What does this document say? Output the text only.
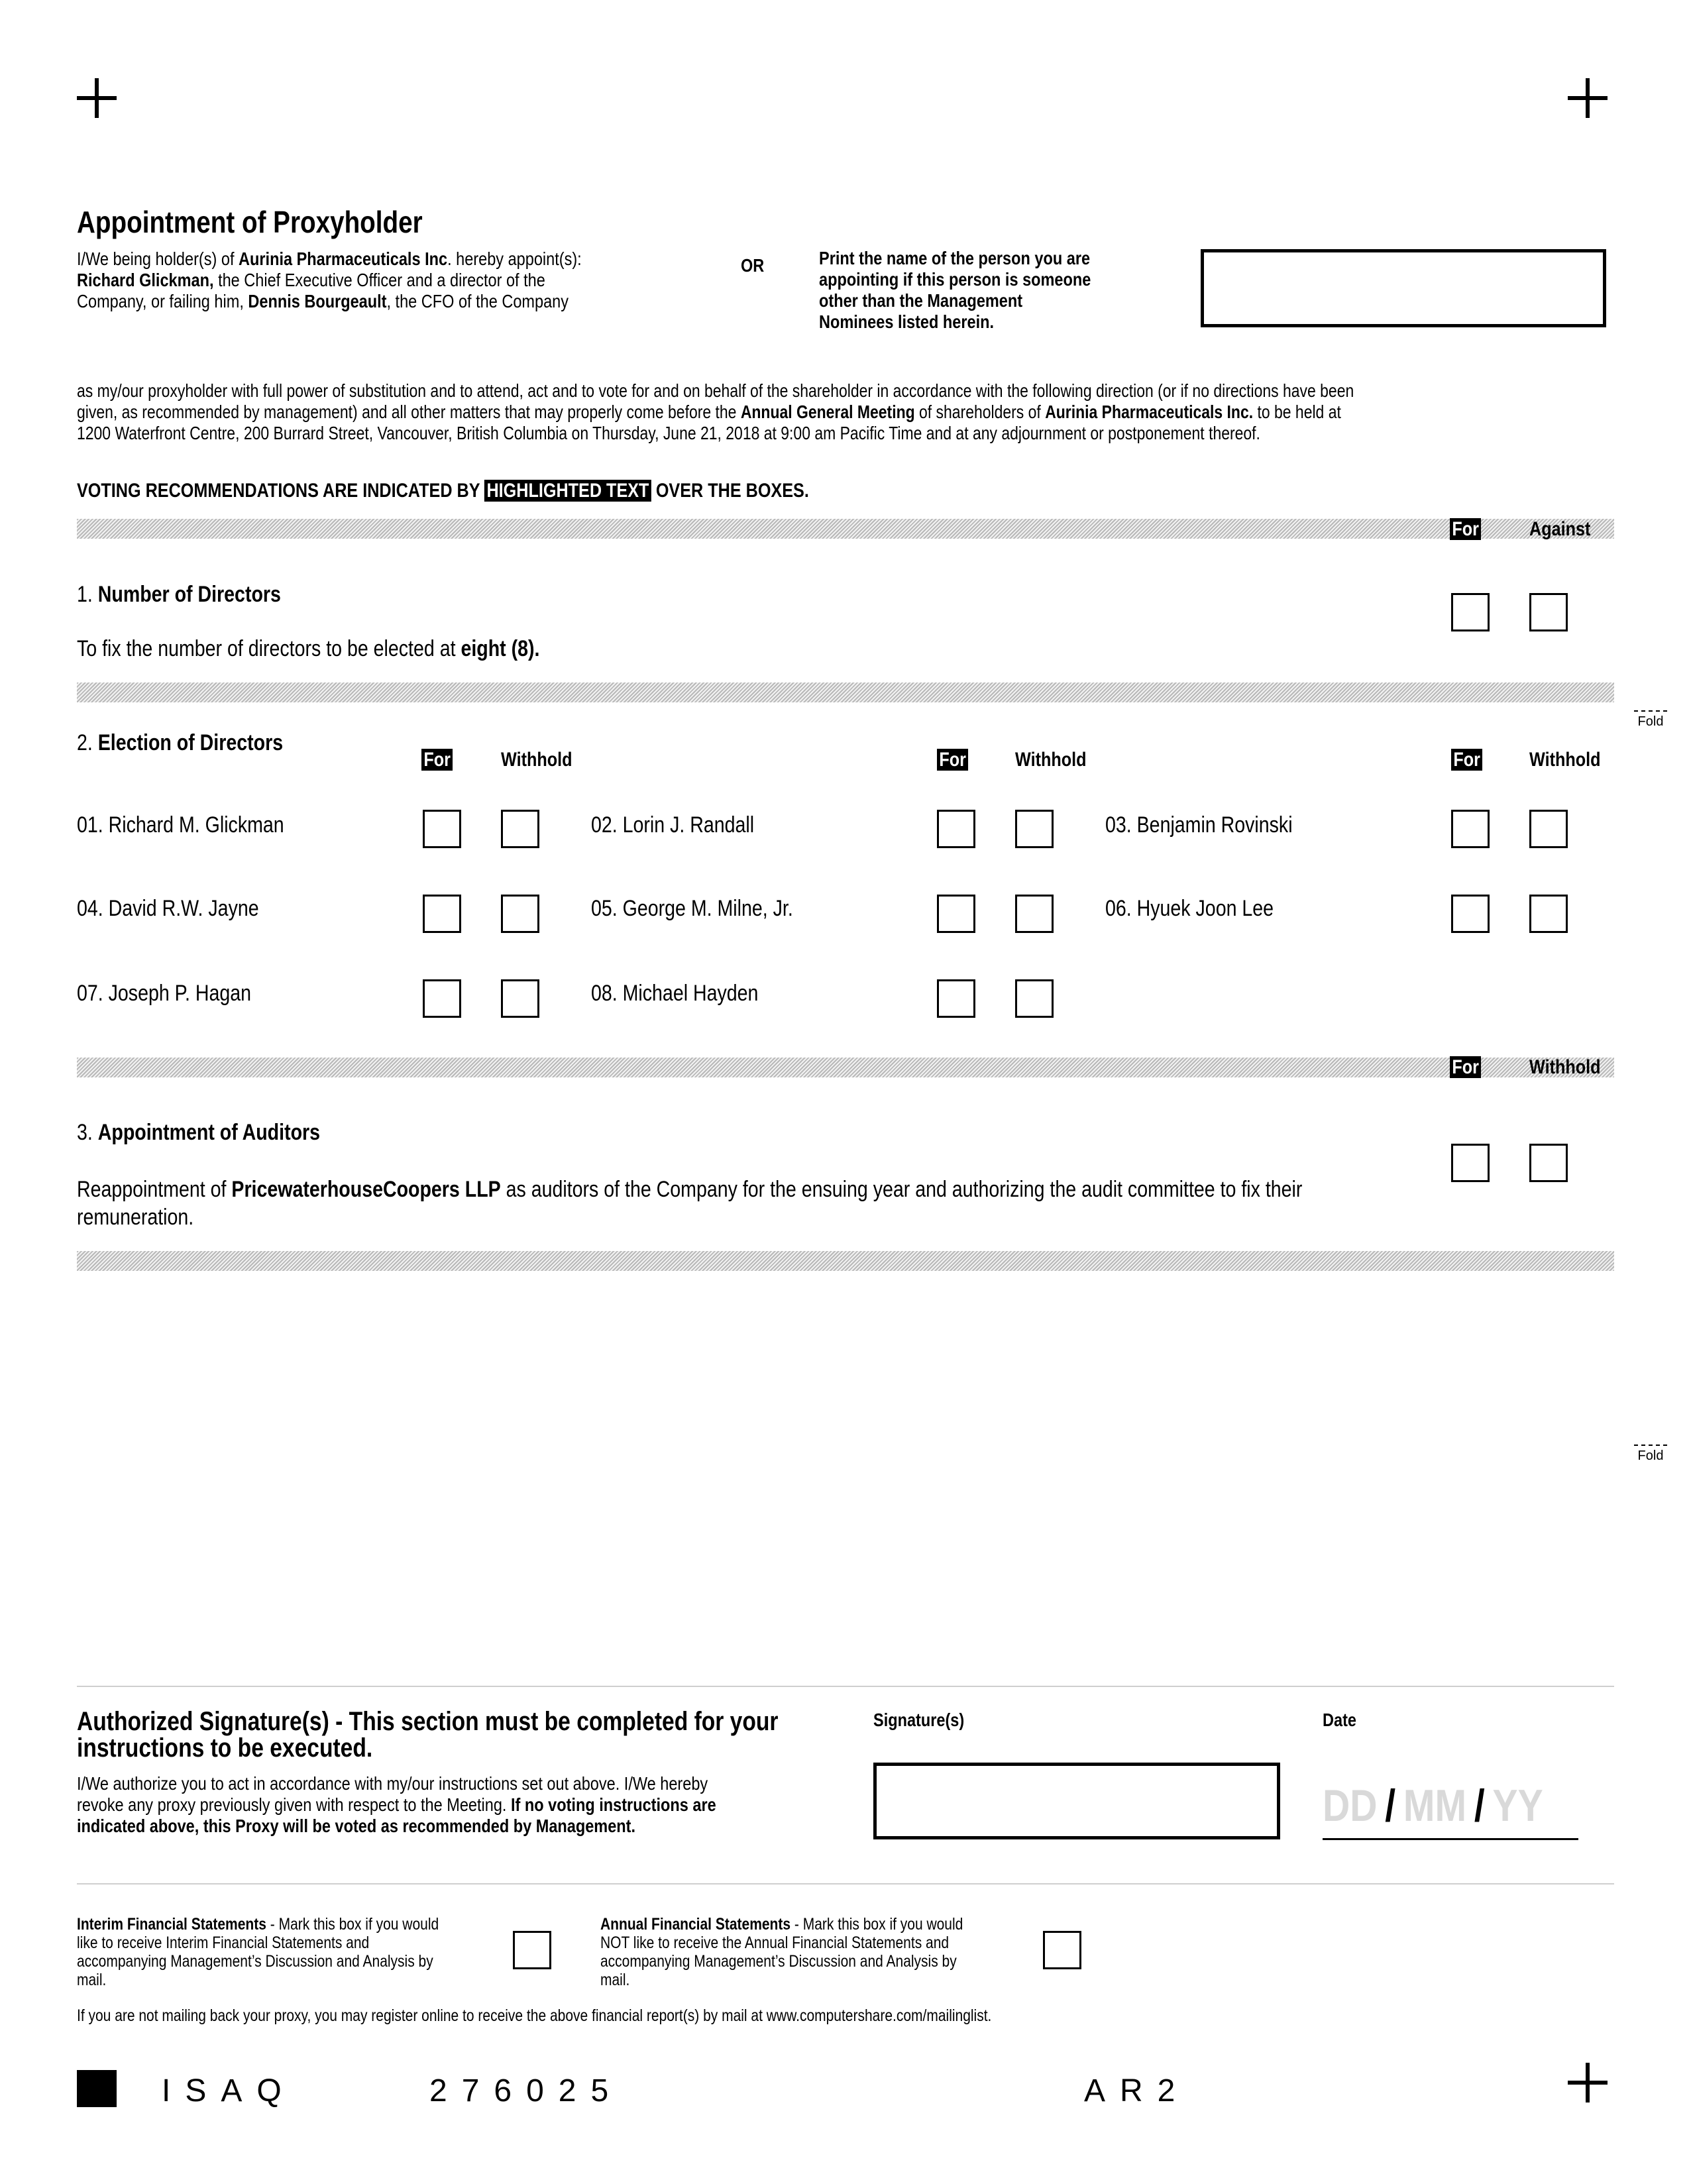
Appointment of Proxyholder
I/We being holder(s) of Aurinia Pharmaceuticals Inc. hereby appoint(s):
Richard Glickman, the Chief Executive Officer and a director of the
Company, or failing him, Dennis Bourgeault, the CFO of the Company
OR	Print the name of the person you are
appointing if this person is someone
other than the Management
Nominees listed herein.
as my/our proxyholder with full power of substitution and to attend, act and to vote for and on behalf of the shareholder in accordance with the following direction (or if no directions have been
given, as recommended by management) and all other matters that may properly come before the Annual General Meeting of shareholders of Aurinia Pharmaceuticals Inc. to be held at
1200 Waterfront Centre, 200 Burrard Street, Vancouver, British Columbia on Thursday, June 21, 2018 at 9:00 am Pacific Time and at any adjournment or postponement thereof.
VOTING RECOMMENDATIONS ARE INDICATED BY HIGHLIGHTED TEXT OVER THE BOXES.
For	Against
1. Number of Directors
To fix the number of directors to be elected at eight (8).
Fold
2. Election of Directors
For	Withhold	For Withhold	For Withhold
01. Richard M. Glickman	02. Lorin J. Randall	03. Benjamin Rovinski
04. David R.W. Jayne	05. George M. Milne, Jr.	06. Hyuek Joon Lee
07. Joseph P. Hagan	08. Michael Hayden
For	Withhold
3. Appointment of Auditors
Reappointment of PricewaterhouseCoopers LLP as auditors of the Company for the ensuing year and authorizing the audit committee to fix their
remuneration.
Fold
Authorized Signature(s) - This section must be completed for your
instructions to be executed.
I/We authorize you to act in accordance with my/our instructions set out above. I/We hereby
revoke any proxy previously given with respect to the Meeting. If no voting instructions are
indicated above, this Proxy will be voted as recommended by Management.
Signature(s)	Date
DD / MM / YY
Interim Financial Statements - Mark this box if you would
like to receive Interim Financial Statements and
accompanying Management’s Discussion and Analysis by
mail.
Annual Financial Statements - Mark this box if you would
NOT like to receive the Annual Financial Statements and
accompanying Management’s Discussion and Analysis by
mail.
If you are not mailing back your proxy, you may register online to receive the above financial report(s) by mail at www.computershare.com/mailinglist.
ISAQ	276025	AR2
